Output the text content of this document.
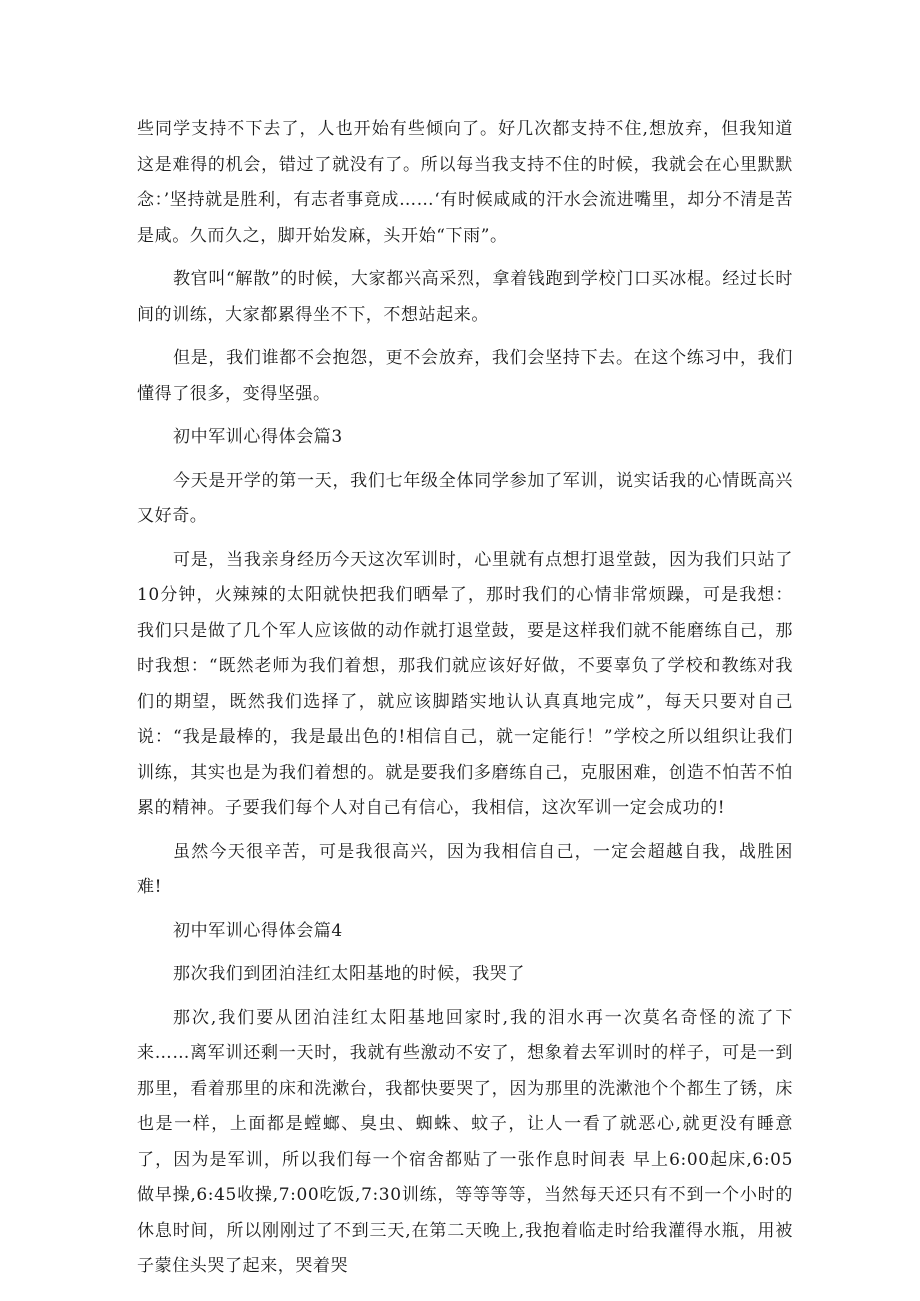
些同学支持不下去了，人也开始有些倾向了。好几次都支持不住,想放弃，但我知道这是难得的机会，错过了就没有了。所以每当我支持不住的时候，我就会在心里默默念：’坚持就是胜利，有志者事竟成……‘有时候咸咸的汗水会流进嘴里，却分不清是苦是咸。久而久之，脚开始发麻，头开始“下雨”。

教官叫“解散”的时候，大家都兴高采烈，拿着钱跑到学校门口买冰棍。经过长时间的训练，大家都累得坐不下，不想站起来。

但是，我们谁都不会抱怨，更不会放弃，我们会坚持下去。在这个练习中，我们懂得了很多，变得坚强。

初中军训心得体会篇3

今天是开学的第一天，我们七年级全体同学参加了军训，说实话我的心情既高兴又好奇。

可是，当我亲身经历今天这次军训时，心里就有点想打退堂鼓，因为我们只站了10分钟，火辣辣的太阳就快把我们晒晕了，那时我们的心情非常烦躁，可是我想：我们只是做了几个军人应该做的动作就打退堂鼓，要是这样我们就不能磨练自己，那时我想：“既然老师为我们着想，那我们就应该好好做，不要辜负了学校和教练对我们的期望，既然我们选择了，就应该脚踏实地认认真真地完成”，每天只要对自己说：“我是最棒的，我是最出色的!相信自己，就一定能行！”学校之所以组织让我们训练，其实也是为我们着想的。就是要我们多磨练自己，克服困难，创造不怕苦不怕累的精神。子要我们每个人对自己有信心，我相信，这次军训一定会成功的!

虽然今天很辛苦，可是我很高兴，因为我相信自己，一定会超越自我，战胜困难!

初中军训心得体会篇4

那次我们到团泊洼红太阳基地的时候，我哭了

那次,我们要从团泊洼红太阳基地回家时,我的泪水再一次莫名奇怪的流了下来……离军训还剩一天时，我就有些激动不安了，想象着去军训时的样子，可是一到那里，看着那里的床和洗漱台，我都快要哭了，因为那里的洗漱池个个都生了锈，床也是一样，上面都是螳螂、臭虫、蜘蛛、蚊子，让人一看了就恶心,就更没有睡意了，因为是军训，所以我们每一个宿舍都贴了一张作息时间表 早上6:00起床,6:05做早操,6:45收操,7:00吃饭,7:30训练，等等等等，当然每天还只有不到一个小时的休息时间，所以刚刚过了不到三天,在第二天晚上,我抱着临走时给我灌得水瓶，用被子蒙住头哭了起来，哭着哭
